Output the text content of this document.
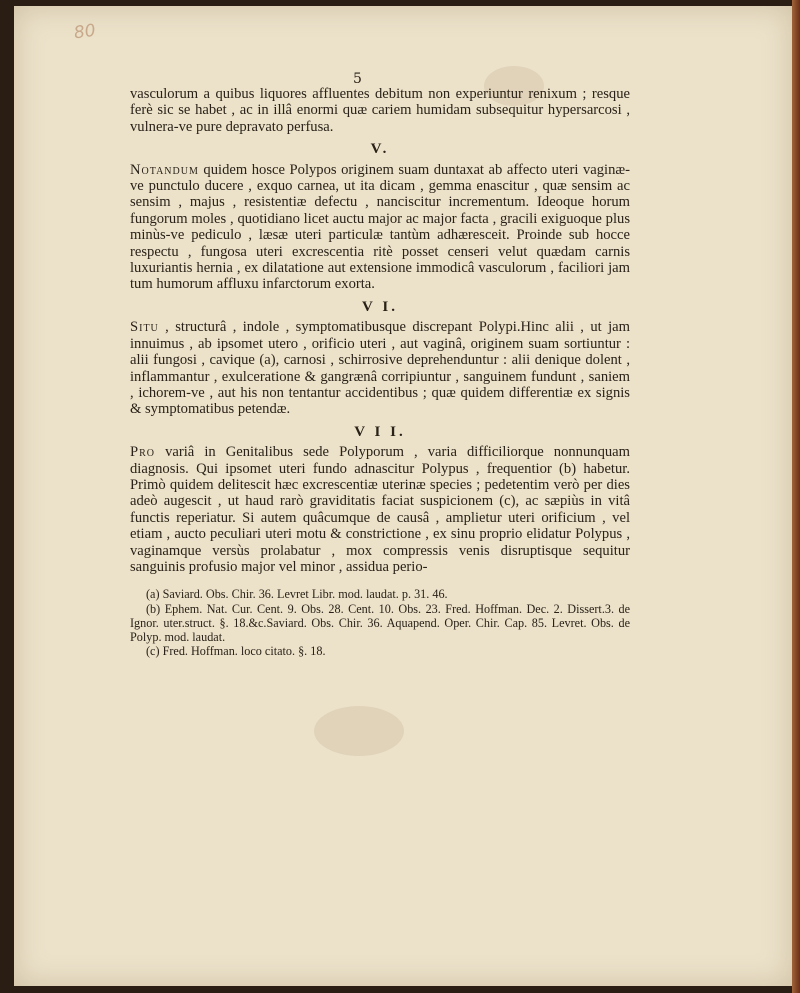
80
5

vasculorum a quibus liquores affluentes debitum non experiuntur renixum ; resque ferè sic se habet , ac in illâ enormi quæ cariem humidam subsequitur hypersarcosi , vulnera-ve pure depravato perfusa.

V.

Notandum quidem hosce Polypos originem suam duntaxat ab affecto uteri vaginæ-ve punctulo ducere , exquo carnea, ut ita dicam , gemma enascitur , quæ sensim ac sensim , majus , resistentiæ defectu , nanciscitur incrementum. Ideoque horum fungorum moles , quotidiano licet auctu major ac major facta , gracili exiguoque plus minùs-ve pediculo , læsæ uteri particulæ tantùm adhæresceit. Proinde sub hocce respectu , fungosa uteri excrescentia ritè posset censeri velut quædam carnis luxuriantis hernia , ex dilatatione aut extensione immodicâ vasculorum , faciliori jam tum humorum affluxu infarctorum exorta.

V I.

Situ , structurâ , indole , symptomatibusque discrepant Polypi.Hinc alii , ut jam innuimus , ab ipsomet utero , orificio uteri , aut vaginâ, originem suam sortiuntur : alii fungosi , cavique (a), carnosi , schirrosive deprehenduntur : alii denique dolent , inflammantur , exulceratione & gangrænâ corripiuntur , sanguinem fundunt , saniem , ichorem-ve , aut his non tentantur accidentibus ; quæ quidem differentiæ ex signis & symptomatibus petendæ.

V I I.

Pro variâ in Genitalibus sede Polyporum , varia difficiliorque nonnunquam diagnosis. Qui ipsomet uteri fundo adnascitur Polypus , frequentior (b) habetur. Primò quidem delitescit hæc excrescentiæ uterinæ species ; pedetentim verò per dies adeò augescit , ut haud rarò graviditatis faciat suspicionem (c), ac sæpiùs in vitâ functis reperiatur. Si autem quâcumque de causâ , amplietur uteri orificium , vel etiam , aucto peculiari uteri motu & constrictione , ex sinu proprio elidatur Polypus , vaginamque versùs prolabatur , mox compressis venis disruptisque sequitur sanguinis profusio major vel minor , assidua perio-

(a) Saviard. Obs. Chir. 36. Levret Libr. mod. laudat. p. 31. 46.

(b) Ephem. Nat. Cur. Cent. 9. Obs. 28. Cent. 10. Obs. 23. Fred. Hoffman. Dec. 2. Dissert.3. de Ignor. uter.struct. §. 18.&c.Saviard. Obs. Chir. 36. Aquapend. Oper. Chir. Cap. 85. Levret. Obs. de Polyp. mod. laudat.

(c) Fred. Hoffman. loco citato. §. 18.
